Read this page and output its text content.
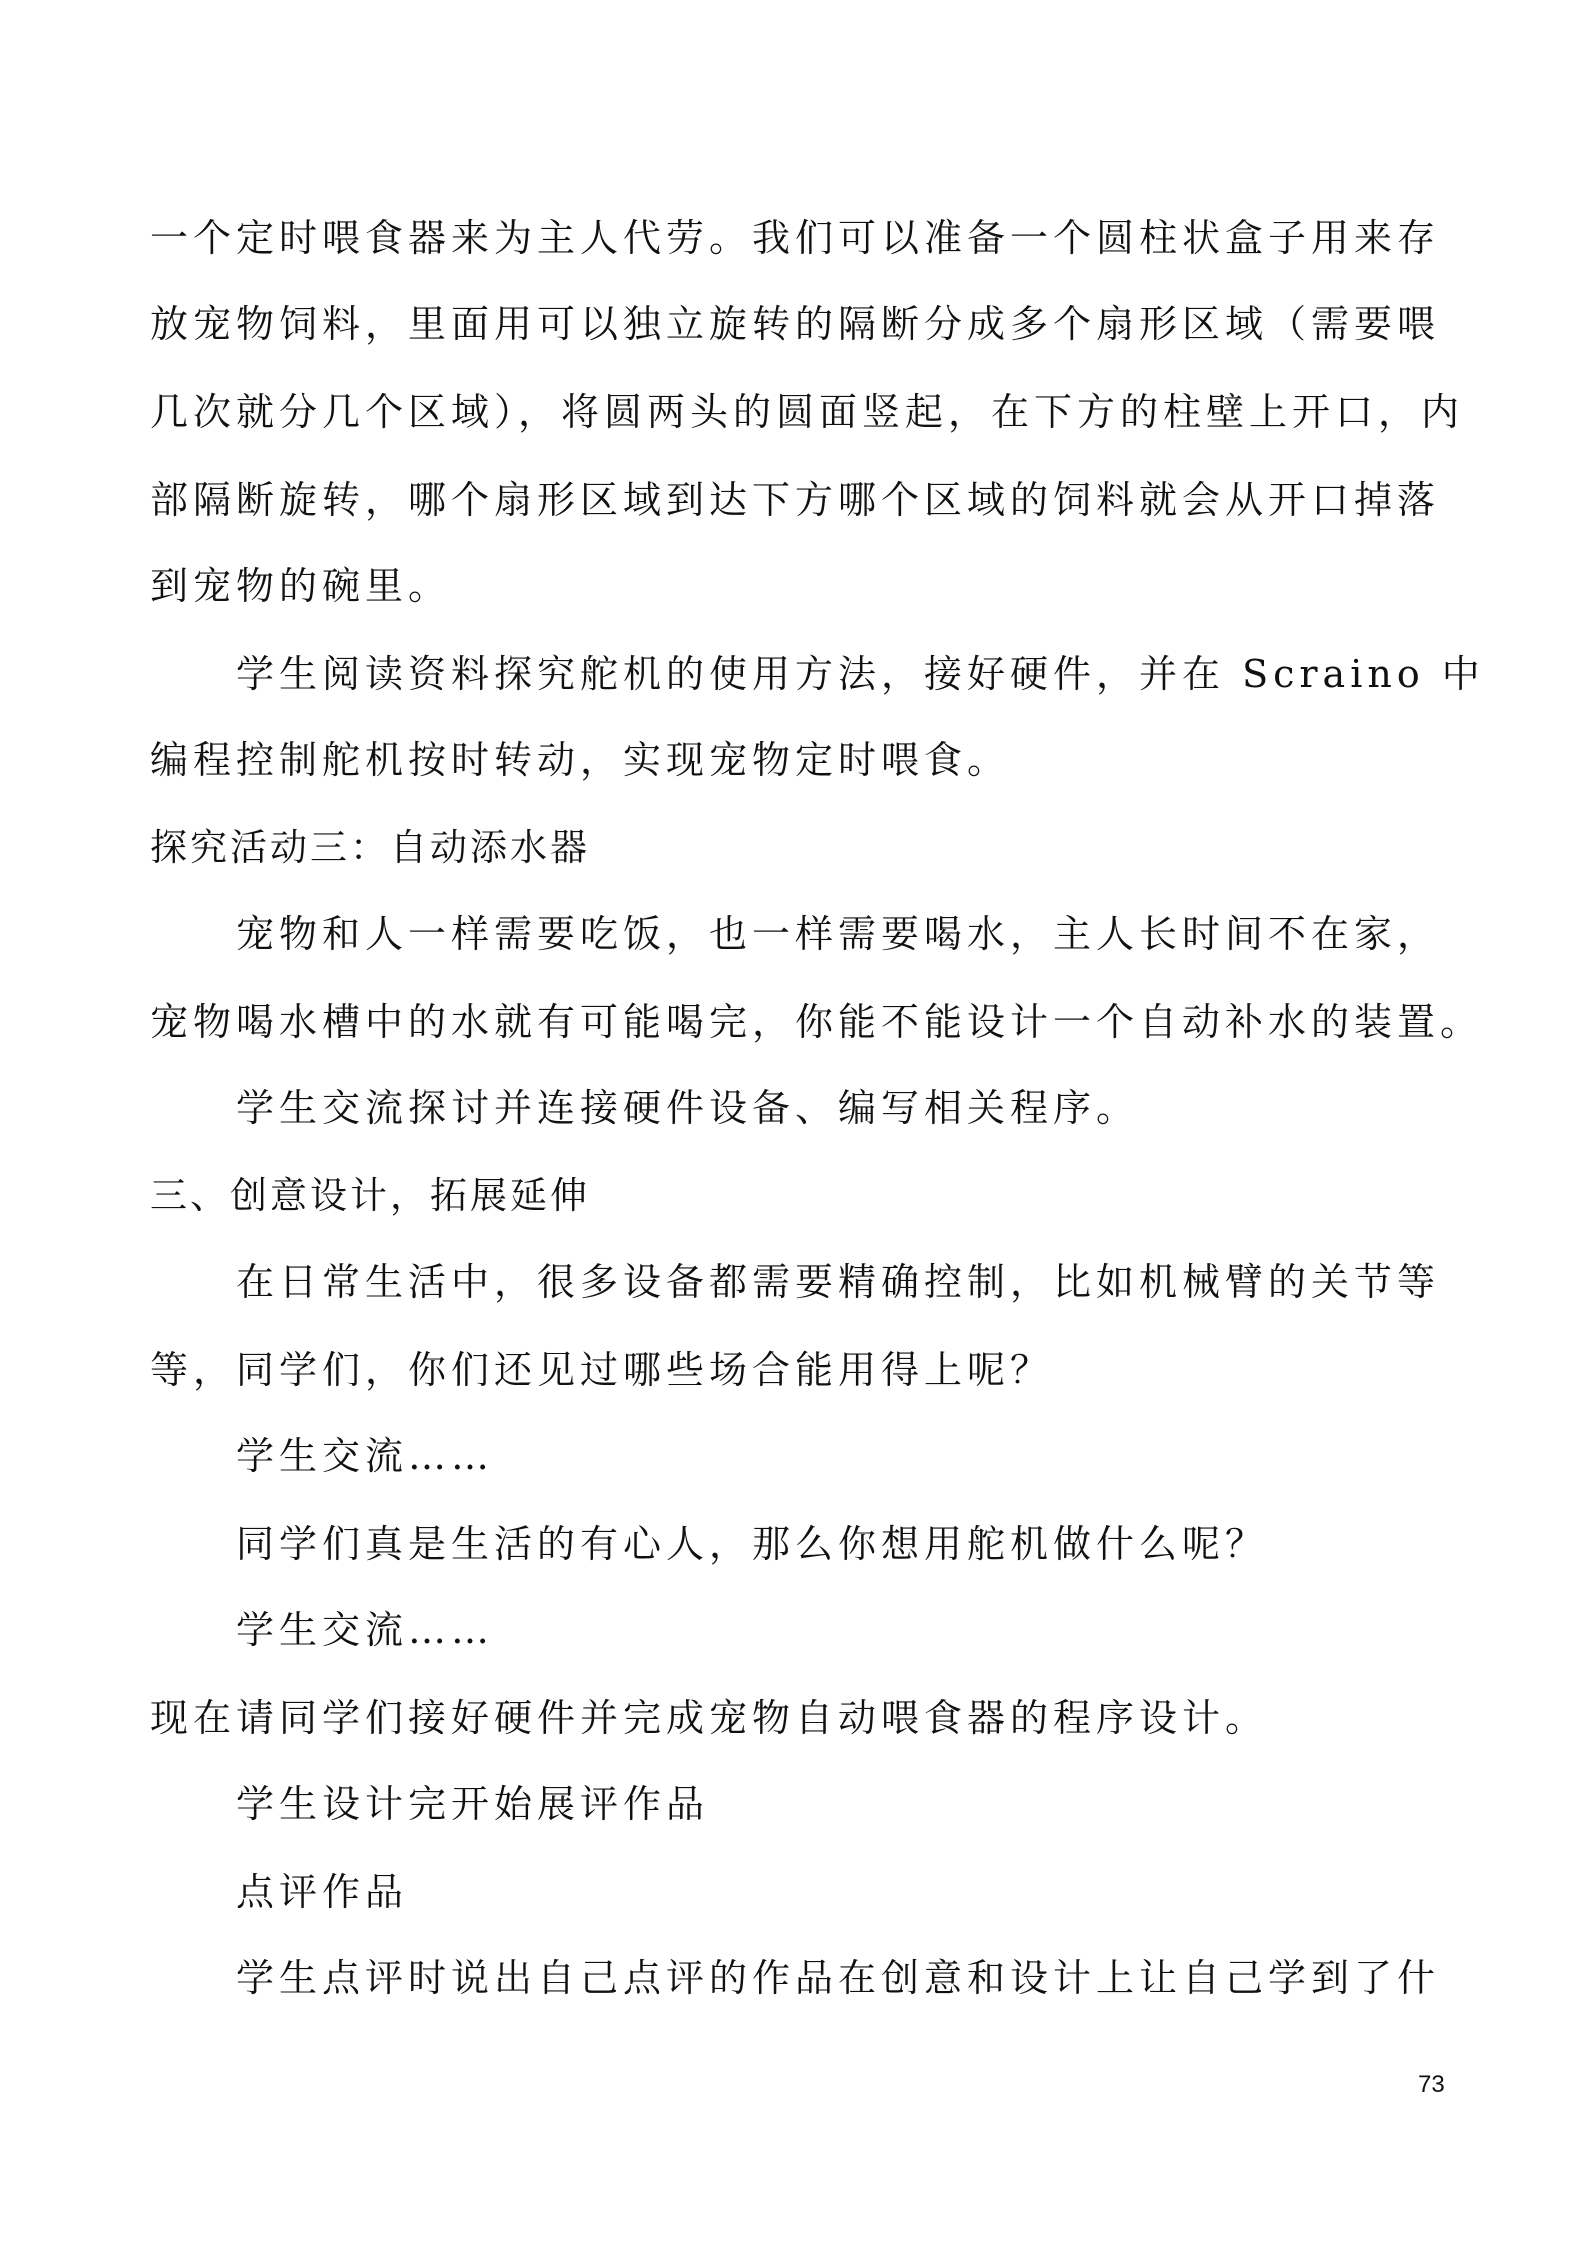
一个定时喂食器来为主人代劳。我们可以准备一个圆柱状盒子用来存
放宠物饲料，里面用可以独立旋转的隔断分成多个扇形区域（需要喂
几次就分几个区域），将圆两头的圆面竖起，在下方的柱壁上开口，内
部隔断旋转，哪个扇形区域到达下方哪个区域的饲料就会从开口掉落
到宠物的碗里。
学生阅读资料探究舵机的使用方法，接好硬件，并在 Scraino 中
编程控制舵机按时转动，实现宠物定时喂食。
探究活动三：自动添水器
宠物和人一样需要吃饭，也一样需要喝水，主人长时间不在家，
宠物喝水槽中的水就有可能喝完，你能不能设计一个自动补水的装置。
学生交流探讨并连接硬件设备、编写相关程序。
三、创意设计，拓展延伸
在日常生活中，很多设备都需要精确控制，比如机械臂的关节等
等，同学们，你们还见过哪些场合能用得上呢？
学生交流……
同学们真是生活的有心人，那么你想用舵机做什么呢？
学生交流……
现在请同学们接好硬件并完成宠物自动喂食器的程序设计。
学生设计完开始展评作品
点评作品
学生点评时说出自己点评的作品在创意和设计上让自己学到了什
73
